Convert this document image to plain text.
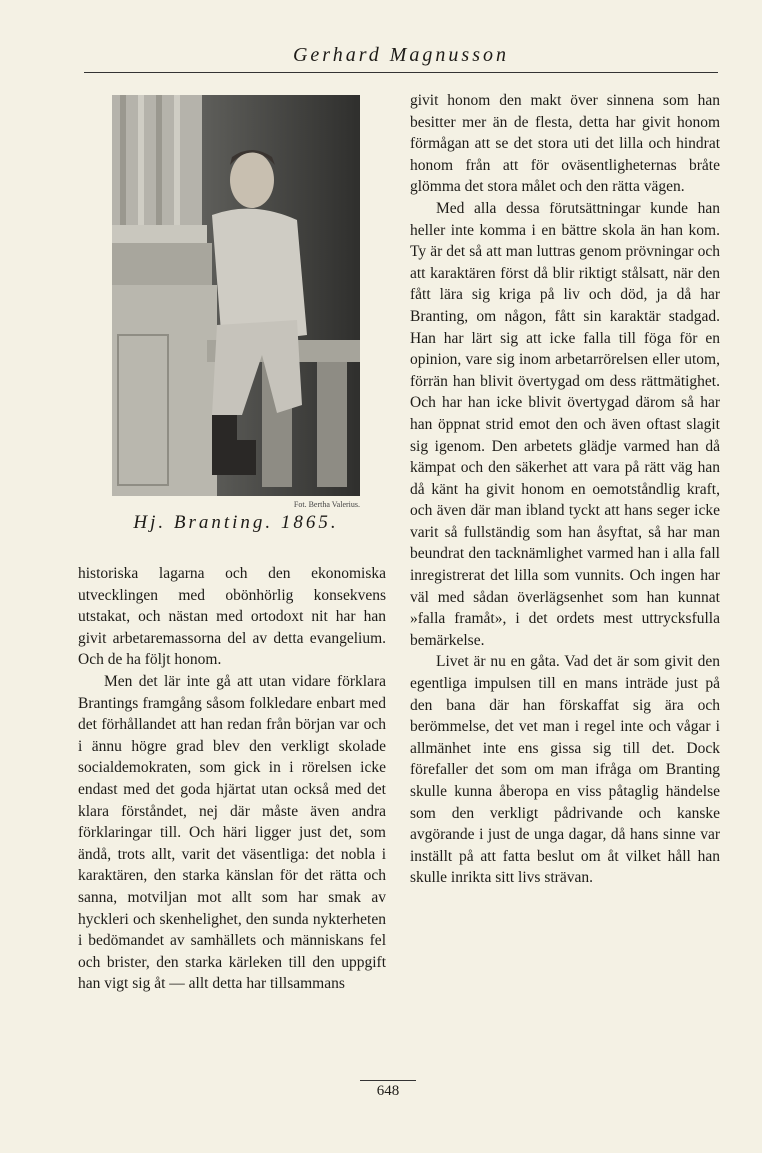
Gerhard Magnusson
Fot. Bertha Valerius.
Hj. Branting. 1865.

historiska lagarna och den ekonomiska utvecklingen med obönhörlig konsekvens utstakat, och nästan med ortodoxt nit har han givit arbetaremassorna del av detta evangelium. Och de ha följt honom.

Men det lär inte gå att utan vidare förklara Brantings framgång såsom folkledare enbart med det förhållandet att han redan från början var och i ännu högre grad blev den verkligt skolade socialdemokraten, som gick in i rörelsen icke endast med det goda hjärtat utan också med det klara förståndet, nej där måste även andra förklaringar till. Och häri ligger just det, som ändå, trots allt, varit det väsentliga: det nobla i karaktären, den starka känslan för det rätta och sanna, motviljan mot allt som har smak av hyckleri och skenhelighet, den sunda nykterheten i bedömandet av samhällets och människans fel och brister, den starka kärleken till den uppgift han vigt sig åt — allt detta har tillsammans

givit honom den makt över sinnena som han besitter mer än de flesta, detta har givit honom förmågan att se det stora uti det lilla och hindrat honom från att för oväsentligheternas bråte glömma det stora målet och den rätta vägen.

Med alla dessa förutsättningar kunde han heller inte komma i en bättre skola än han kom. Ty är det så att man luttras genom prövningar och att karaktären först då blir riktigt stålsatt, när den fått lära sig kriga på liv och död, ja då har Branting, om någon, fått sin karaktär stadgad. Han har lärt sig att icke falla till föga för en opinion, vare sig inom arbetarrörelsen eller utom, förrän han blivit övertygad om dess rättmätighet. Och har han icke blivit övertygad därom så har han öppnat strid emot den och även oftast slagit sig igenom. Den arbetets glädje varmed han då kämpat och den säkerhet att vara på rätt väg han då känt ha givit honom en oemotståndlig kraft, och även där man ibland tyckt att hans seger icke varit så fullständig som han åsyftat, så har man beundrat den tacknämlighet varmed han i alla fall inregistrerat det lilla som vunnits. Och ingen har väl med sådan överlägsenhet som han kunnat »falla framåt», i det ordets mest uttrycksfulla bemärkelse.

Livet är nu en gåta. Vad det är som givit den egentliga impulsen till en mans inträde just på den bana där han förskaffat sig ära och berömmelse, det vet man i regel inte och vågar i allmänhet inte ens gissa sig till det. Dock förefaller det som om man ifråga om Branting skulle kunna åberopa en viss påtaglig händelse som den verkligt pådrivande och kanske avgörande i just de unga dagar, då hans sinne var inställt på att fatta beslut om åt vilket håll han skulle inrikta sitt livs strävan.

648
